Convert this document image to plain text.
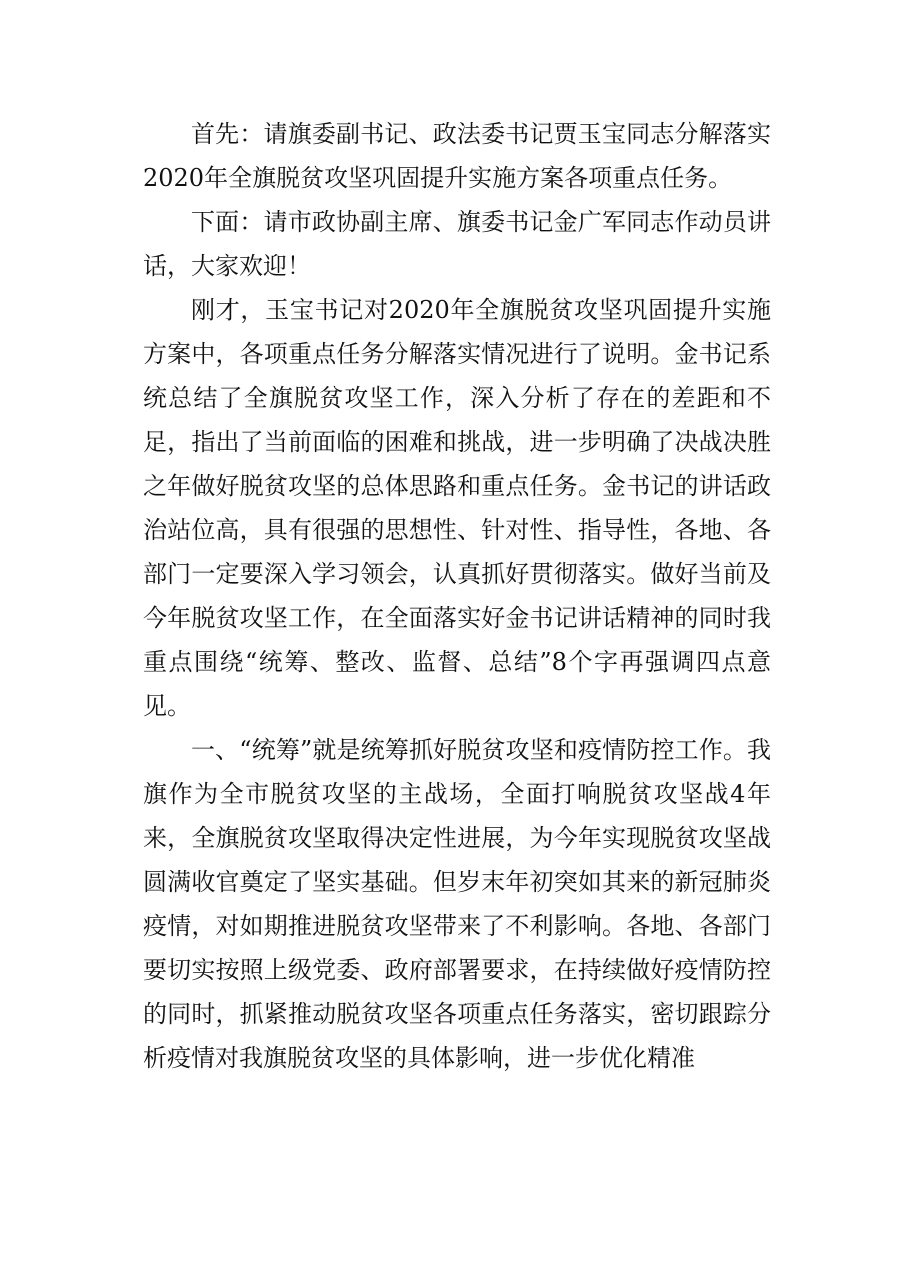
首先：请旗委副书记、政法委书记贾玉宝同志分解落实2020年全旗脱贫攻坚巩固提升实施方案各项重点任务。

下面：请市政协副主席、旗委书记金广军同志作动员讲话，大家欢迎！

刚才，玉宝书记对2020年全旗脱贫攻坚巩固提升实施方案中，各项重点任务分解落实情况进行了说明。金书记系统总结了全旗脱贫攻坚工作，深入分析了存在的差距和不足，指出了当前面临的困难和挑战，进一步明确了决战决胜之年做好脱贫攻坚的总体思路和重点任务。金书记的讲话政治站位高，具有很强的思想性、针对性、指导性，各地、各部门一定要深入学习领会，认真抓好贯彻落实。做好当前及今年脱贫攻坚工作，在全面落实好金书记讲话精神的同时我重点围绕“统筹、整改、监督、总结”8个字再强调四点意见。

一、“统筹”就是统筹抓好脱贫攻坚和疫情防控工作。我旗作为全市脱贫攻坚的主战场，全面打响脱贫攻坚战4年来，全旗脱贫攻坚取得决定性进展，为今年实现脱贫攻坚战圆满收官奠定了坚实基础。但岁末年初突如其来的新冠肺炎疫情，对如期推进脱贫攻坚带来了不利影响。各地、各部门要切实按照上级党委、政府部署要求，在持续做好疫情防控的同时，抓紧推动脱贫攻坚各项重点任务落实，密切跟踪分析疫情对我旗脱贫攻坚的具体影响，进一步优化精准
